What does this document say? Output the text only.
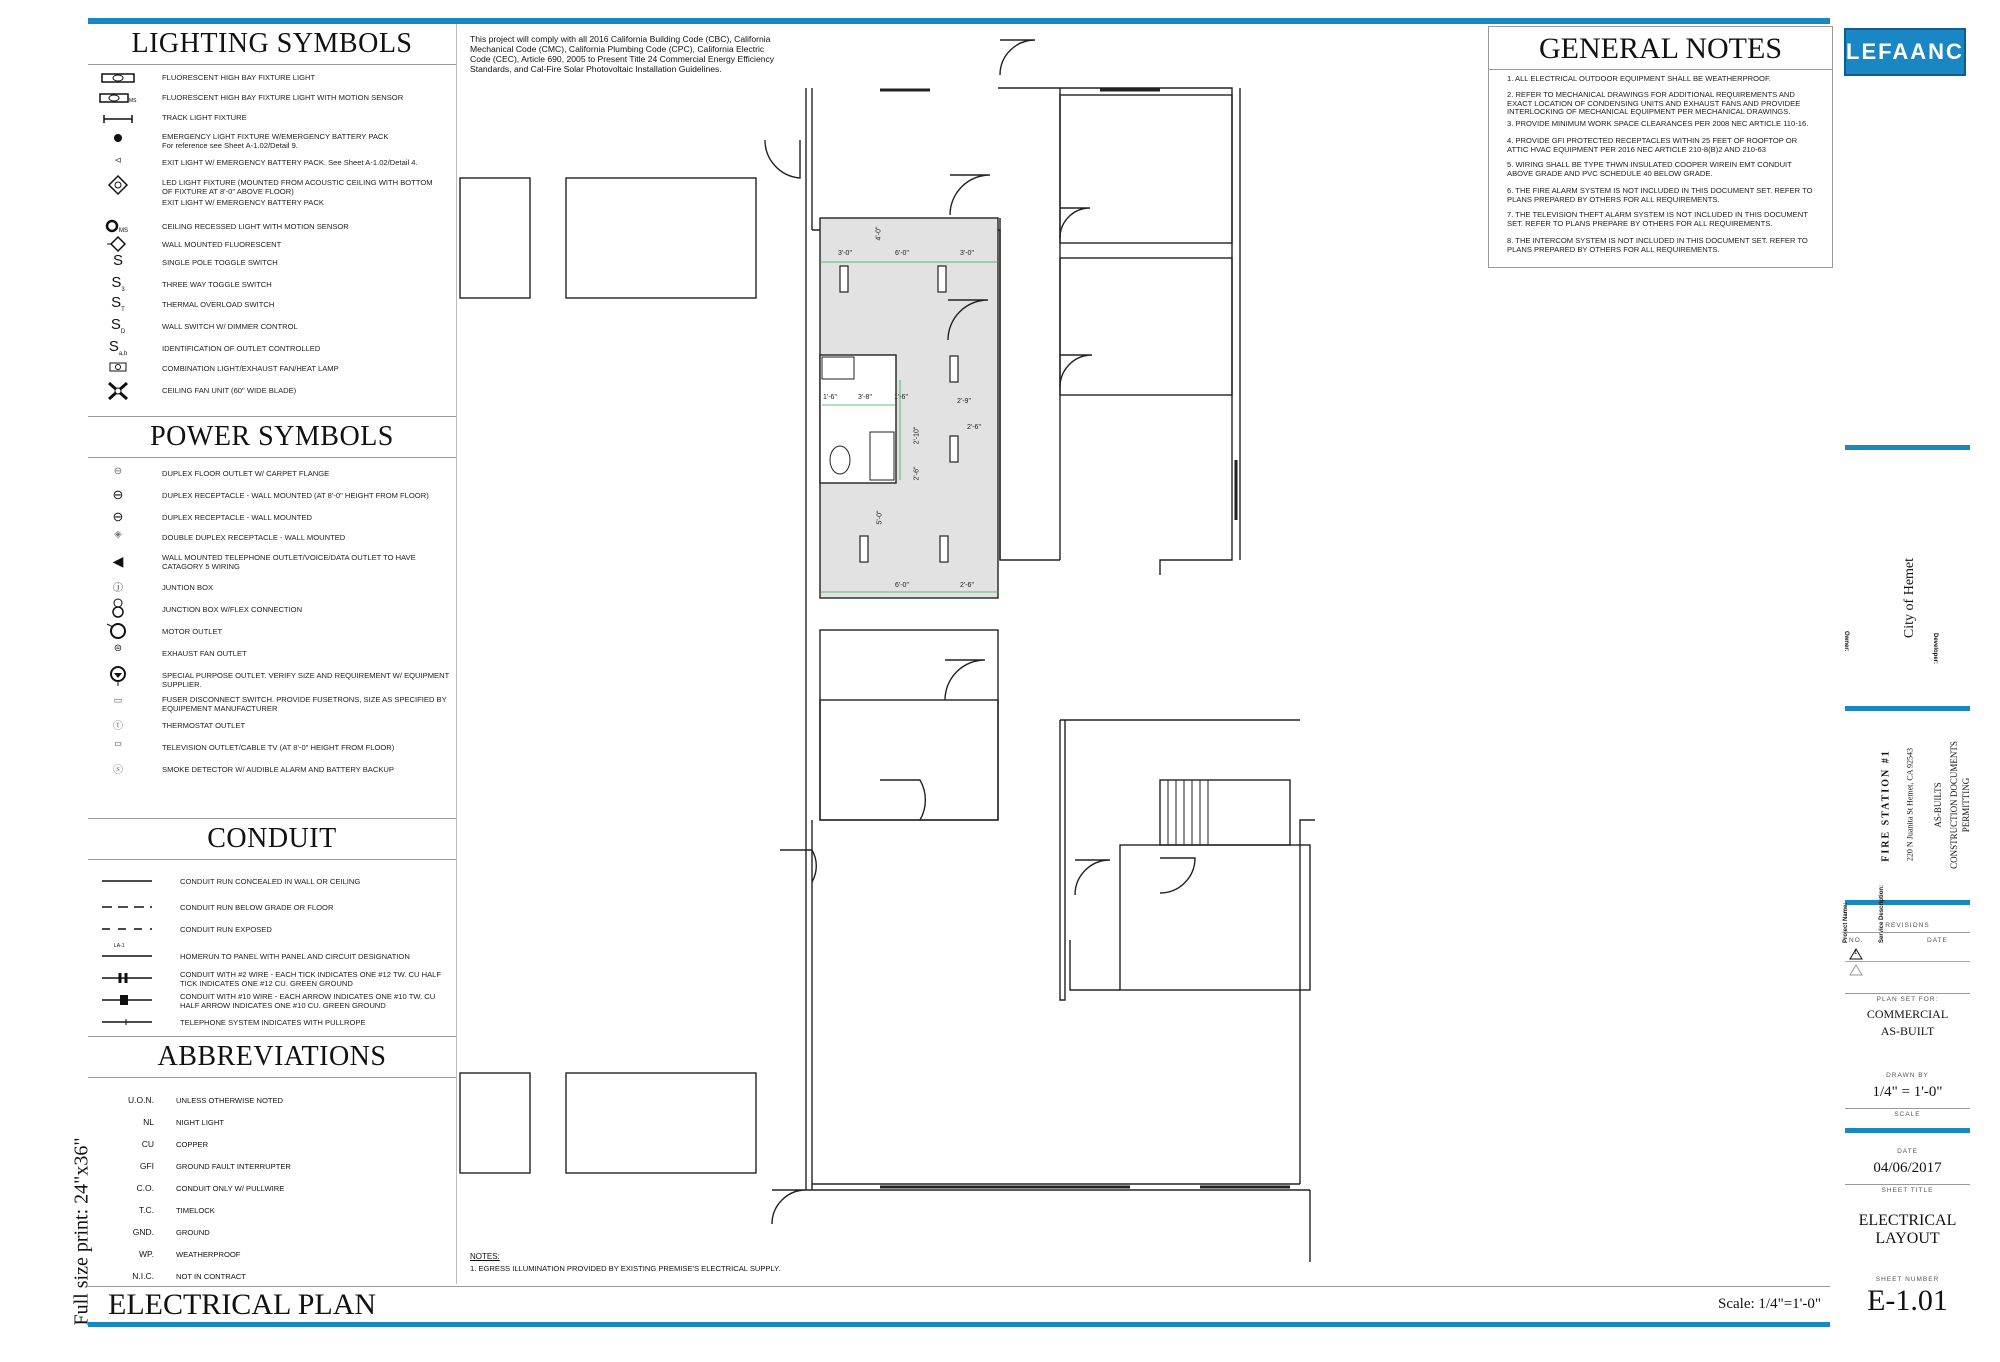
Full size print: 24"x36"
LIGHTING SYMBOLS
FLUORESCENT HIGH BAY FIXTURE LIGHT
MS	FLUORESCENT HIGH BAY FIXTURE LIGHT WITH MOTION SENSOR
TRACK LIGHT FIXTURE
EMERGENCY LIGHT FIXTURE W/EMERGENCY BATTERY PACK
For reference see Sheet A-1.02/Detail 9.
⊲	EXIT LIGHT W/ EMERGENCY BATTERY PACK. See Sheet A-1.02/Detail 4.
LED LIGHT FIXTURE (MOUNTED FROM ACOUSTIC CEILING WITH BOTTOM OF FIXTURE AT 8'-0" ABOVE FLOOR)
EXIT LIGHT W/ EMERGENCY BATTERY PACK
MS	CEILING RECESSED LIGHT WITH MOTION SENSOR
WALL MOUNTED FLUORESCENT
S	SINGLE POLE TOGGLE SWITCH
$S_3$
THREE WAY TOGGLE SWITCH
$S_T$
THERMAL OVERLOAD SWITCH
$S_D$
WALL SWITCH W/ DIMMER CONTROL
$S_{a,b}$
IDENTIFICATION OF OUTLET CONTROLLED
COMBINATION LIGHT/EXHAUST FAN/HEAT LAMP
CEILING FAN UNIT (60" WIDE BLADE)
POWER SYMBOLS
⊖	DUPLEX FLOOR OUTLET W/ CARPET FLANGE
⊖	DUPLEX RECEPTACLE - WALL MOUNTED (AT 8'-0" HEIGHT FROM FLOOR)
⊖	DUPLEX RECEPTACLE - WALL MOUNTED
◈	DOUBLE DUPLEX RECEPTACLE - WALL MOUNTED
◀	WALL MOUNTED TELEPHONE OUTLET/VOICE/DATA OUTLET TO HAVE CATAGORY 5 WIRING
ⓙ	JUNTION BOX
JUNCTION BOX W/FLEX CONNECTION
MOTOR OUTLET
⊜	EXHAUST FAN OUTLET
SPECIAL PURPOSE OUTLET. VERIFY SIZE AND REQUIREMENT W/ EQUIPMENT SUPPLIER.
▭	FUSER DISCONNECT SWITCH. PROVIDE FUSETRONS, SIZE AS SPECIFIED BY EQUIPEMENT MANUFACTURER
ⓣ	THERMOSTAT OUTLET
▭	TELEVISION OUTLET/CABLE TV (AT 8'-0" HEIGHT FROM FLOOR)
ⓢ	SMOKE DETECTOR W/ AUDIBLE ALARM AND BATTERY BACKUP
CONDUIT
LA-1
CONDUIT RUN CONCEALED IN WALL OR CEILING
CONDUIT RUN BELOW GRADE OR FLOOR
CONDUIT RUN EXPOSED
HOMERUN TO PANEL WITH PANEL AND CIRCUIT DESIGNATION
CONDUIT WITH #2 WIRE - EACH TICK INDICATES ONE #12 TW. CU HALF TICK INDICATES ONE #12 CU. GREEN GROUND
CONDUIT WITH #10 WIRE - EACH ARROW INDICATES ONE #10 TW. CU HALF ARROW INDICATES ONE #10 CU. GREEN GROUND
TELEPHONE SYSTEM INDICATES WITH PULLROPE
ABBREVIATIONS
U.O.N.	UNLESS OTHERWISE NOTED
NL	NIGHT LIGHT
CU	COPPER
GFI	GROUND FAULT INTERRUPTER
C.O.	CONDUIT ONLY W/ PULLWIRE
T.C.	TIMELOCK
GND.	GROUND
WP.	WEATHERPROOF
N.I.C.	NOT IN CONTRACT
This project will comply with all 2016 California Building Code (CBC), California Mechanical Code (CMC), California Plumbing Code (CPC), California Electric Code (CEC), Article 690, 2005 to Present Title 24 Commercial Energy Efficiency Standards, and Cal-Fire Solar Photovoltaic Installation Guidelines.
3'-0"	6'-0"	3'-0"
4'-0"
1'-6"	3'-8"	1'-6"
2'-9"
2'-6"
2'-10"
2'-6"
6'-0"
5'-0"
2'-6"
NOTES:
1. EGRESS ILLUMINATION PROVIDED BY EXISTING PREMISE'S ELECTRICAL SUPPLY.
GENERAL NOTES
1. ALL ELECTRICAL OUTDOOR EQUIPMENT SHALL BE WEATHERPROOF.
2. REFER TO MECHANICAL DRAWINGS FOR ADDITIONAL REQUIREMENTS AND EXACT LOCATION OF CONDENSING UNITS AND EXHAUST FANS AND PROVIDEE INTERLOCKING OF MECHANICAL EQUIPMENT PER MECHANICAL DRAWINGS.
3. PROVIDE MINIMUM WORK SPACE CLEARANCES PER 2008 NEC ARTICLE 110-16.
4. PROVIDE GFI PROTECTED RECEPTACLES WITHIN 25 FEET OF ROOFTOP OR ATTIC HVAC EQUIPMENT PER 2016 NEC ARTICLE 210-8(B)2 AND 210-63
5. WIRING SHALL BE TYPE THWN INSULATED COOPER WIREIN EMT CONDUIT ABOVE GRADE AND PVC SCHEDULE 40 BELOW GRADE.
6. THE FIRE ALARM SYSTEM IS NOT INCLUDED IN THIS DOCUMENT SET. REFER TO PLANS PREPARED BY OTHERS FOR ALL REQUIREMENTS.
7. THE TELEVISION THEFT ALARM SYSTEM IS NOT INCLUDED IN THIS DOCUMENT SET. REFER TO PLANS PREPARE BY OTHERS FOR ALL REQUIREMENTS.
8. THE INTERCOM SYSTEM IS NOT INCLUDED IN THIS DOCUMENT SET. REFER TO PLANS PREPARED BY OTHERS FOR ALL REQUIREMENTS.
ELECTRICAL PLAN	Scale: 1/4"=1'-0"
LEFAANC
City of Hemet
Owner:	Developer:
Project Name:
FIRE STATION #1 220 N Juanita St Hemet, CA 92543
Service Description:
AS-BUILTS CONSTRUCTION DOCUMENTS PERMITTING
REVISIONS
NO.	DATE
1
PLAN SET FOR:
COMMERCIAL
AS-BUILT
DRAWN BY
1/4" = 1'-0"
SCALE
DATE
04/06/2017
SHEET TITLE
ELECTRICAL
LAYOUT
SHEET NUMBER
E-1.01
